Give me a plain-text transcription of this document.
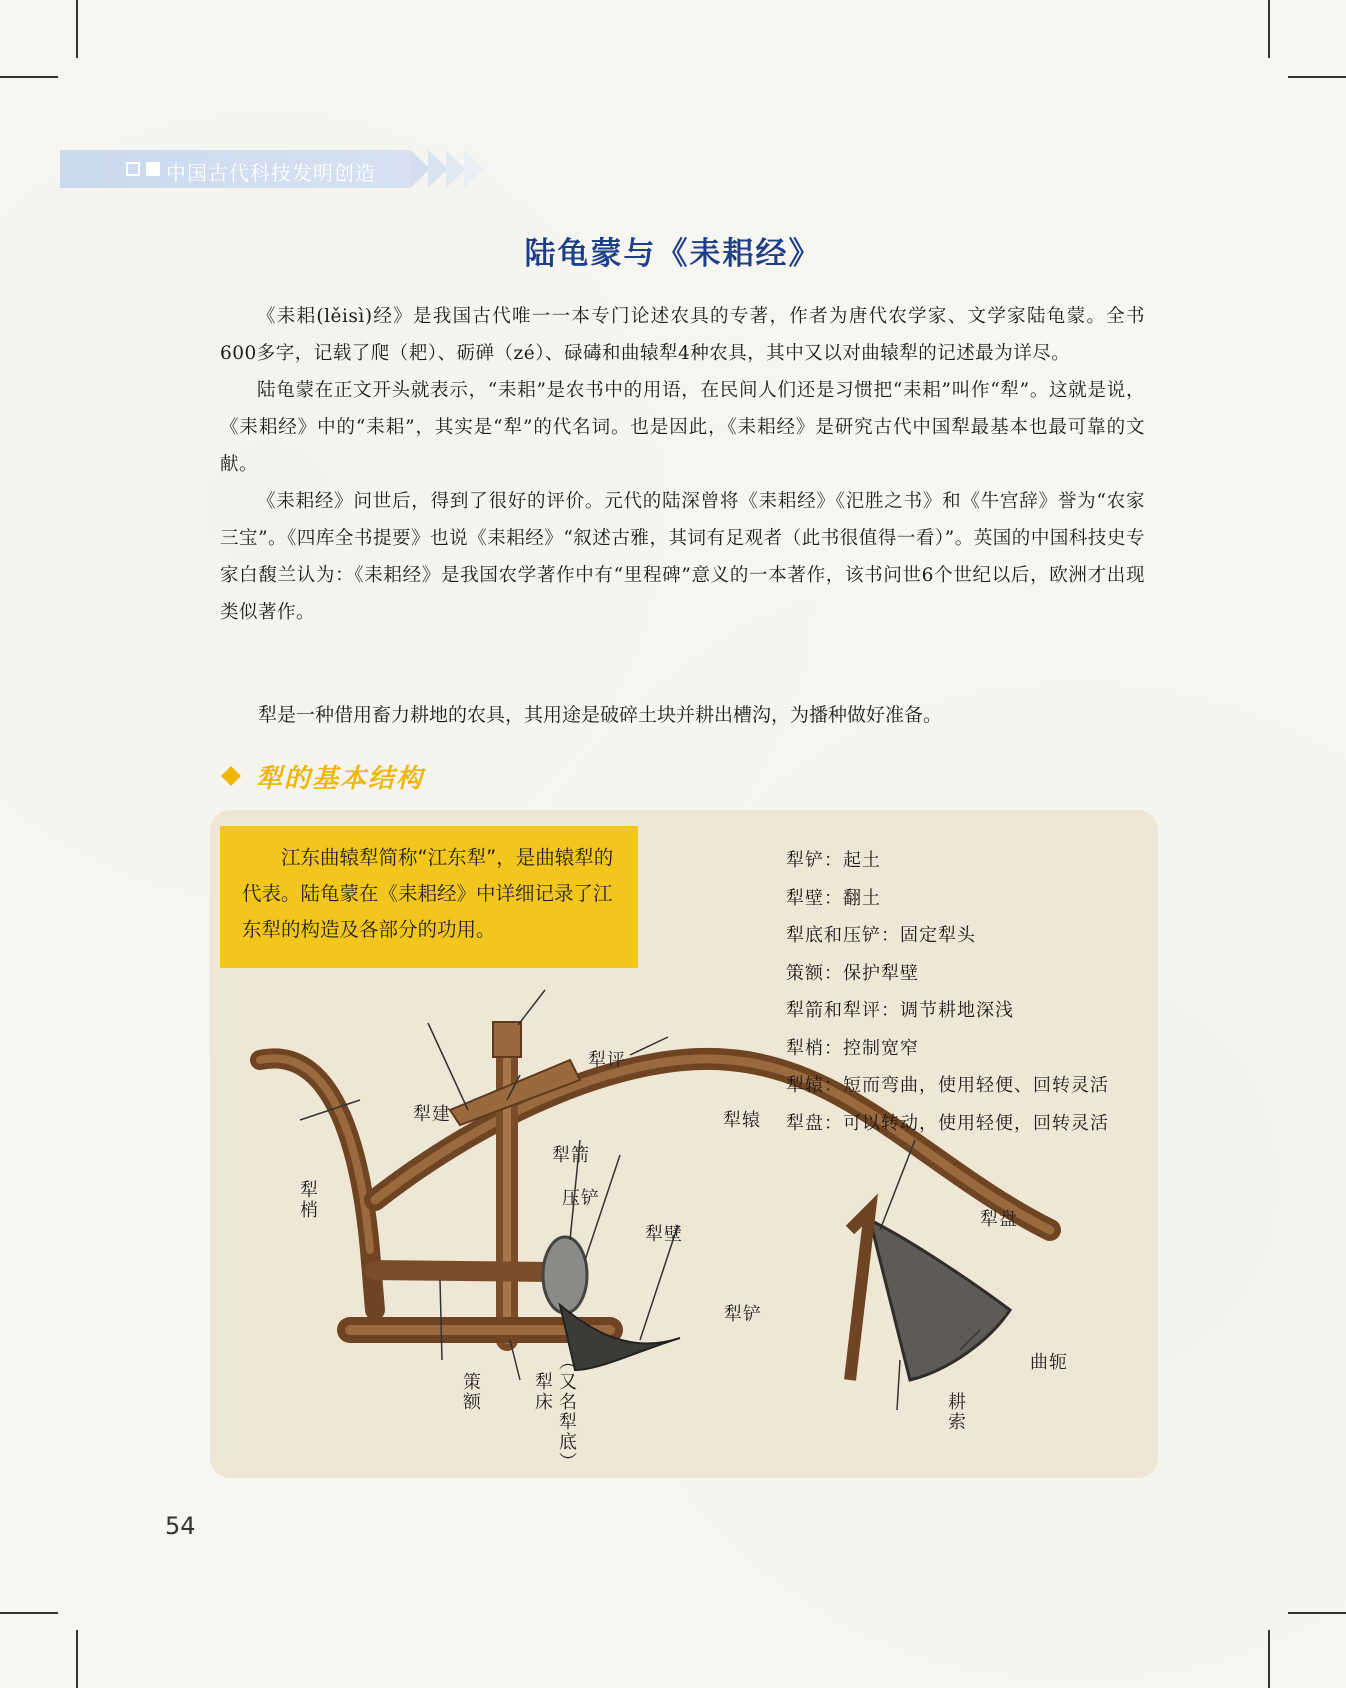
中国古代科技发明创造
陆龟蒙与《耒耜经》

《耒耜(lěisì)经》是我国古代唯一一本专门论述农具的专著，作者为唐代农学家、文学家陆龟蒙。全书600多字，记载了爬（耙）、砺䃅（zé）、碌碡和曲辕犁4种农具，其中又以对曲辕犁的记述最为详尽。

陆龟蒙在正文开头就表示，“耒耜”是农书中的用语，在民间人们还是习惯把“耒耜”叫作“犁”。这就是说，《耒耜经》中的“耒耜”，其实是“犁”的代名词。也是因此，《耒耜经》是研究古代中国犁最基本也最可靠的文献。

《耒耜经》问世后，得到了很好的评价。元代的陆深曾将《耒耜经》《汜胜之书》和《牛宫辞》誉为“农家三宝”。《四库全书提要》也说《耒耜经》“叙述古雅，其词有足观者（此书很值得一看）”。英国的中国科技史专家白馥兰认为：《耒耜经》是我国农学著作中有“里程碑”意义的一本著作，该书问世6个世纪以后，欧洲才出现类似著作。

犁是一种借用畜力耕地的农具，其用途是破碎土块并耕出槽沟，为播种做好准备。
犁的基本结构

江东曲辕犁简称“江东犁”，是曲辕犁的代表。陆龟蒙在《耒耜经》中详细记录了江东犁的构造及各部分的功用。

犁铲：起土
犁壁：翻土
犁底和压铲：固定犁头
策额：保护犁壁
犁箭和犁评：调节耕地深浅
犁梢：控制宽窄
犁辕：短而弯曲，使用轻便、回转灵活
犁盘：可以转动，使用轻便，回转灵活
犁评
犁建	犁辕
犁箭
压铲
犁壁
犁梢	犁盘
犁铲
曲轭
策额	犁床 （又名犁底）	耕索
54
